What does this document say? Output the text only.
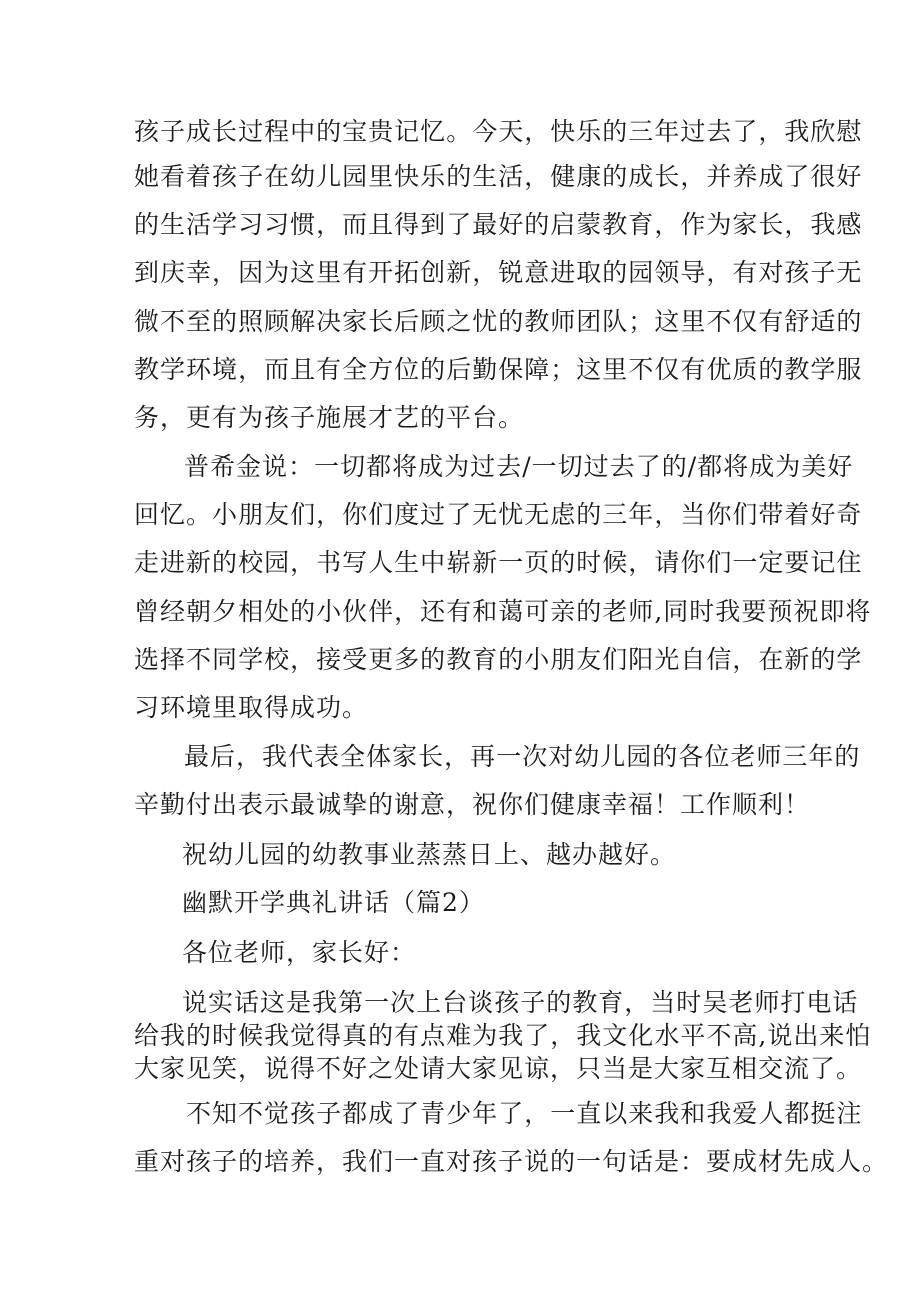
孩 子 成 长 过 程 中 的 宝 贵 记 忆 。 今 天 ， 快 乐 的 三 年 过 去 了 ， 我 欣 慰
她 看 着 孩 子 在 幼 儿 园 里 快 乐 的 生 活 ， 健 康 的 成 长 ， 并 养 成 了 很 好
的 生 活 学 习 习 惯 ， 而 且 得 到 了 最 好 的 启 蒙 教 育 ， 作 为 家 长 ， 我 感
到 庆 幸 ， 因 为 这 里 有 开 拓 创 新 ， 锐 意 进 取 的 园 领 导 ， 有 对 孩 子 无
微 不 至 的 照 顾 解 决 家 长 后 顾 之 忧 的 教 师 团 队 ； 这 里 不 仅 有 舒 适 的
教 学 环 境 ， 而 且 有 全 方 位 的 后 勤 保 障 ； 这 里 不 仅 有 优 质 的 教 学 服
务，更有为孩子施展才艺的平台。
普 希 金 说 ： 一 切 都 将 成 为 过 去 / 一 切 过 去 了 的 / 都 将 成 为 美 好
回 忆 。 小 朋 友 们 ， 你 们 度 过 了 无 忧 无 虑 的 三 年 ， 当 你 们 带 着 好 奇
走 进 新 的 校 园 ， 书 写 人 生 中 崭 新 一 页 的 时 候 ， 请 你 们 一 定 要 记 住
曾 经 朝 夕 相 处 的 小 伙 伴 ， 还 有 和 蔼 可 亲 的 老 师 , 同 时 我 要 预 祝 即 将
选 择 不 同 学 校 ， 接 受 更 多 的 教 育 的 小 朋 友 们 阳 光 自 信 ， 在 新 的 学
习环境里取得成功。
最 后 ， 我 代 表 全 体 家 长 ， 再 一 次 对 幼 儿 园 的 各 位 老 师 三 年 的
辛勤付出表示最诚挚的谢意，祝你们健康幸福！工作顺利！
祝幼儿园的幼教事业蒸蒸日上、越办越好。
幽默开学典礼讲话（篇2）
各位老师，家长好：
说 实 话 这 是 我 第 一 次 上 台 谈 孩 子 的 教 育 ， 当 时 吴 老 师 打 电 话
给 我 的 时 候 我 觉 得 真 的 有 点 难 为 我 了 ， 我 文 化 水 平 不 高 , 说 出 来 怕
大家见笑，说得不好之处请大家见谅，只当是大家互相交流了。
不 知 不 觉 孩 子 都 成 了 青 少 年 了 ， 一 直 以 来 我 和 我 爱 人 都 挺 注
重对孩子的培养，我们一直对孩子说的一句话是：要成材先成人。
